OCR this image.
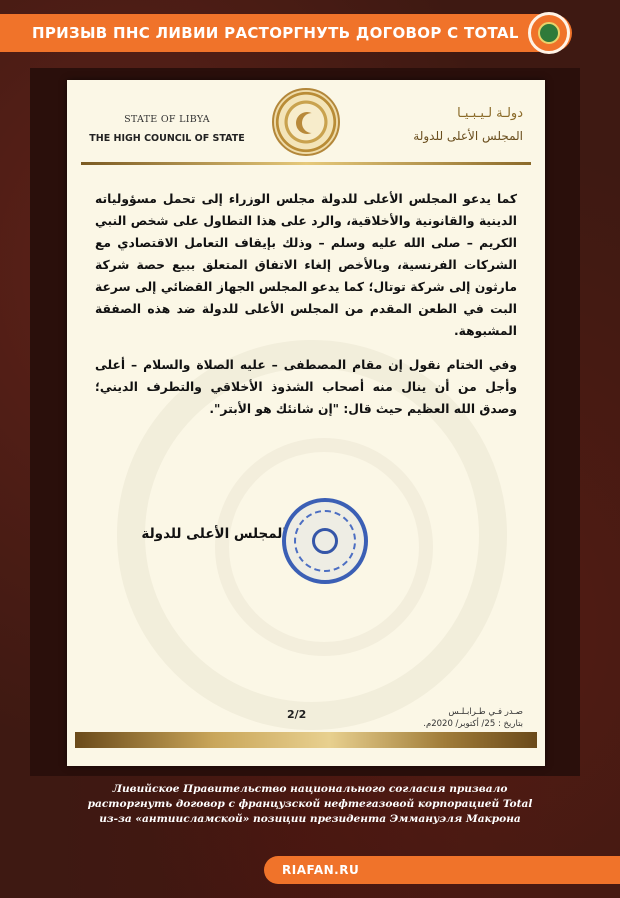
ПРИЗЫВ ПНС ЛИВИИ РАСТОРГНУТЬ ДОГОВОР С TOTAL
STATE OF LIBYA
THE HIGH COUNCIL OF STATE
دولـة لـيـبـيـا
المجلس الأعلى للدولة

كما يدعو المجلس الأعلى للدولة مجلس الوزراء إلى تحمل مسؤولياته الدينية والقانونية والأخلاقية، والرد على هذا التطاول على شخص النبي الكريم – صلى الله عليه وسلم – وذلك بإيقاف التعامل الاقتصادي مع الشركات الفرنسية، وبالأخص إلغاء الاتفاق المتعلق ببيع حصة شركة مارثون إلى شركة توتال؛ كما يدعو المجلس الجهاز القضائي إلى سرعة البت في الطعن المقدم من المجلس الأعلى للدولة ضد هذه الصفقة المشبوهة.

وفي الختام نقول إن مقام المصطفى – عليه الصلاة والسلام – أعلى وأجل من أن ينال منه أصحاب الشذوذ الأخلاقي والتطرف الديني؛ وصدق الله العظيم حيث قال: "إن شانئك هو الأبتر".

المجلس الأعلى للدولة
2/2	صـدر فـي طـرابـلـس
بتاريخ : 25/ أكتوبر/ 2020م.
Ливийское Правительство национального согласия призвало
расторгнуть договор с французской нефтегазовой корпорацией Total
из-за «антиисламской» позиции президента Эммануэля Макрона
RIAFAN.RU
